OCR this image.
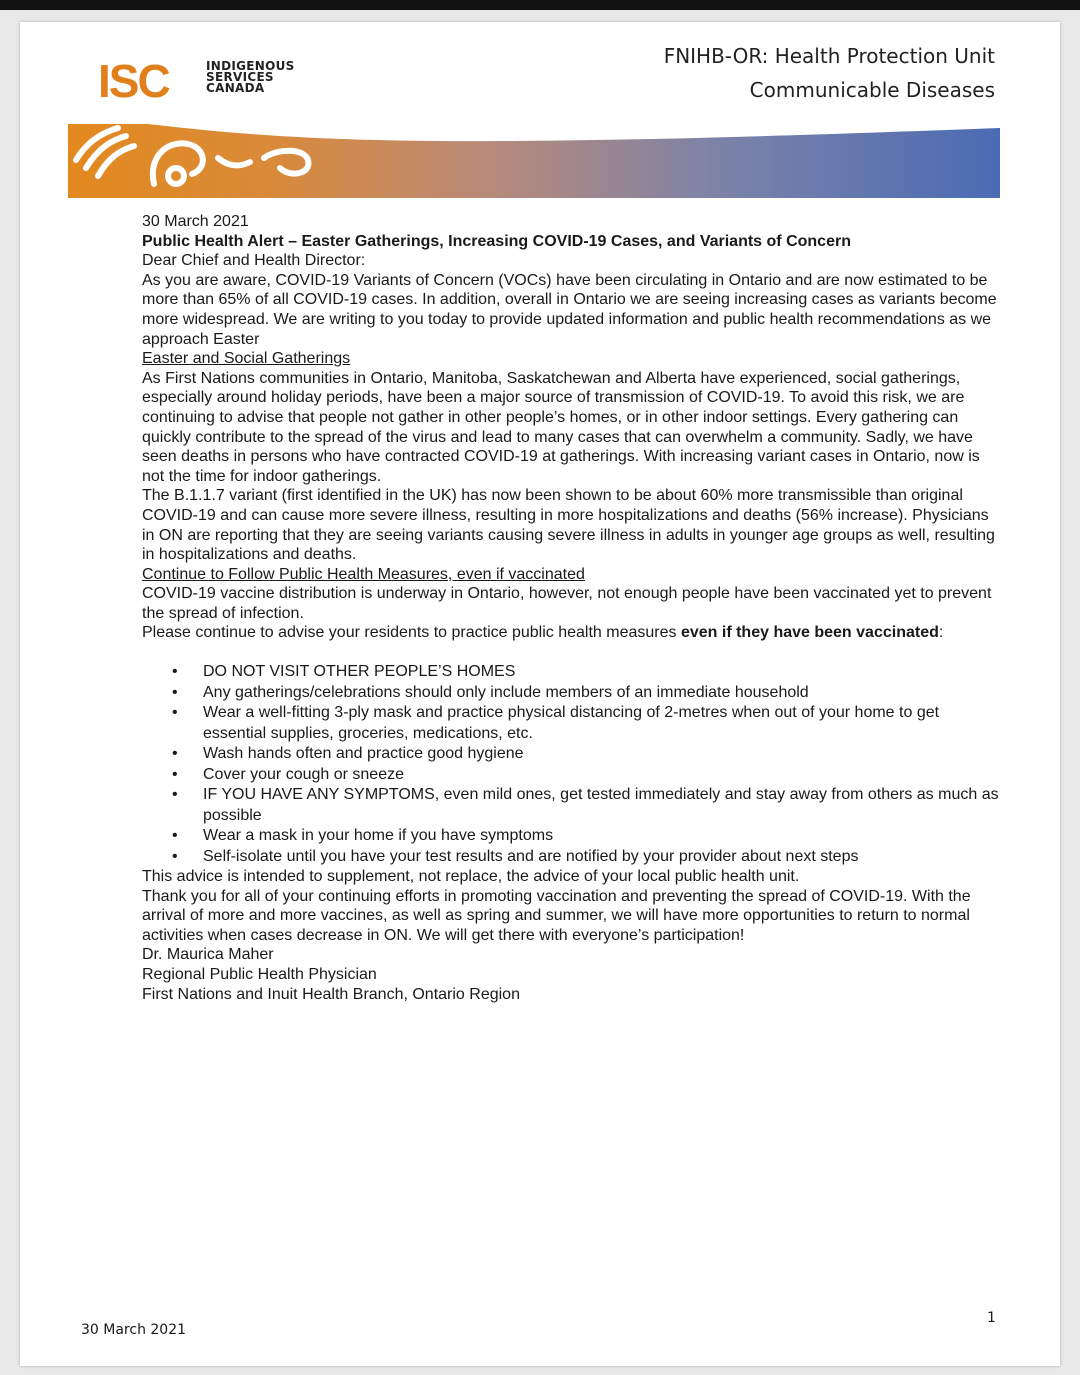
ISC	INDIGENOUS
SERVICES
CANADA
FNIHB-OR: Health Protection Unit
Communicable Diseases

30 March 2021

Public Health Alert – Easter Gatherings, Increasing COVID-19 Cases, and Variants of Concern

Dear Chief and Health Director:

As you are aware, COVID-19 Variants of Concern (VOCs) have been circulating in Ontario and are now estimated to be more than 65% of all COVID-19 cases. In addition, overall in Ontario we are seeing increasing cases as variants become more widespread. We are writing to you today to provide updated information and public health recommendations as we approach Easter

Easter and Social Gatherings

As First Nations communities in Ontario, Manitoba, Saskatchewan and Alberta have experienced, social gatherings, especially around holiday periods, have been a major source of transmission of COVID-19. To avoid this risk, we are continuing to advise that people not gather in other people’s homes, or in other indoor settings. Every gathering can quickly contribute to the spread of the virus and lead to many cases that can overwhelm a community. Sadly, we have seen deaths in persons who have contracted COVID-19 at gatherings. With increasing variant cases in Ontario, now is not the time for indoor gatherings.

The B.1.1.7 variant (first identified in the UK) has now been shown to be about 60% more transmissible than original COVID-19 and can cause more severe illness, resulting in more hospitalizations and deaths (56% increase). Physicians in ON are reporting that they are seeing variants causing severe illness in adults in younger age groups as well, resulting in hospitalizations and deaths.

Continue to Follow Public Health Measures, even if vaccinated

COVID-19 vaccine distribution is underway in Ontario, however, not enough people have been vaccinated yet to prevent the spread of infection.

Please continue to advise your residents to practice public health measures even if they have been vaccinated:

• DO NOT VISIT OTHER PEOPLE’S HOMES
• Any gatherings/celebrations should only include members of an immediate household
• Wear a well-fitting 3-ply mask and practice physical distancing of 2-metres when out of your home to get essential supplies, groceries, medications, etc.
• Wash hands often and practice good hygiene
• Cover your cough or sneeze
• IF YOU HAVE ANY SYMPTOMS, even mild ones, get tested immediately and stay away from others as much as possible
• Wear a mask in your home if you have symptoms
• Self-isolate until you have your test results and are notified by your provider about next steps

This advice is intended to supplement, not replace, the advice of your local public health unit.

Thank you for all of your continuing efforts in promoting vaccination and preventing the spread of COVID-19. With the arrival of more and more vaccines, as well as spring and summer, we will have more opportunities to return to normal activities when cases decrease in ON. We will get there with everyone’s participation!

Dr. Maurica Maher

Regional Public Health Physician

First Nations and Inuit Health Branch, Ontario Region

1
30 March 2021
